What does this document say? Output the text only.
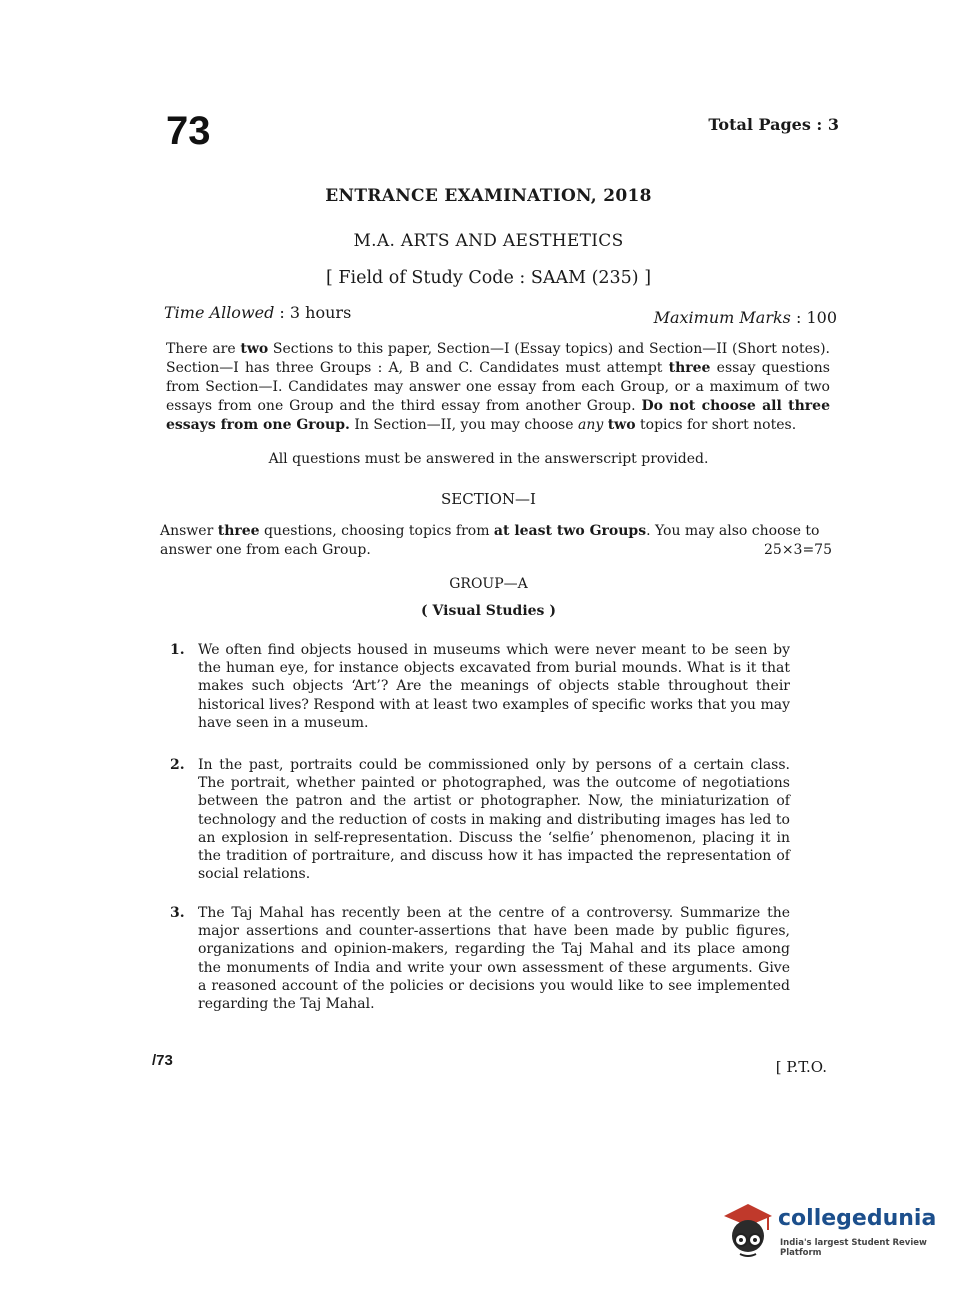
73	Total Pages : 3
ENTRANCE EXAMINATION, 2018
M.A. ARTS AND AESTHETICS
[ Field of Study Code : SAAM (235) ]
Time Allowed : 3 hours	Maximum Marks : 100
There are two Sections to this paper, Section—I (Essay topics) and Section—II (Short notes). Section—I has three Groups : A, B and C. Candidates must attempt three essay questions from Section—I. Candidates may answer one essay from each Group, or a maximum of two essays from one Group and the third essay from another Group. Do not choose all three essays from one Group. In Section—II, you may choose any two topics for short notes.
All questions must be answered in the answerscript provided.
SECTION—I
Answer three questions, choosing topics from at least two Groups. You may also choose to answer one from each Group.	25×3=75
GROUP—A
( Visual Studies )
1. We often find objects housed in museums which were never meant to be seen by the human eye, for instance objects excavated from burial mounds. What is it that makes such objects ‘Art’? Are the meanings of objects stable throughout their historical lives? Respond with at least two examples of specific works that you may have seen in a museum.
2. In the past, portraits could be commissioned only by persons of a certain class. The portrait, whether painted or photographed, was the outcome of negotiations between the patron and the artist or photographer. Now, the miniaturization of technology and the reduction of costs in making and distributing images has led to an explosion in self-representation. Discuss the ‘selfie’ phenomenon, placing it in the tradition of portraiture, and discuss how it has impacted the representation of social relations.
3. The Taj Mahal has recently been at the centre of a controversy. Summarize the major assertions and counter-assertions that have been made by public figures, organizations and opinion-makers, regarding the Taj Mahal and its place among the monuments of India and write your own assessment of these arguments. Give a reasoned account of the policies or decisions you would like to see implemented regarding the Taj Mahal.
/73	[ P.T.O.
collegedunia
India's largest Student Review Platform
